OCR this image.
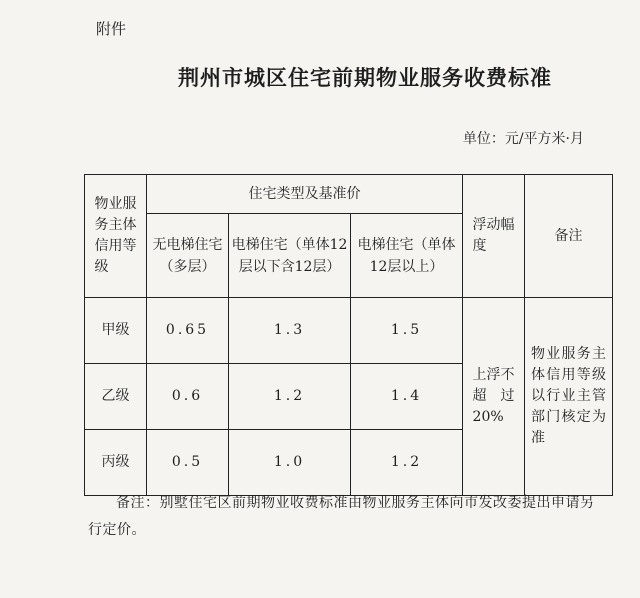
附件
荆州市城区住宅前期物业服务收费标准
单位：元/平方米·月
物业服务主体信用等级	住宅类型及基准价			浮动幅度	备注
	无电梯住宅（多层）	电梯住宅（单体12层以下含12层）	电梯住宅（单体12层以上）		
甲级	0.65	1.3	1.5	上浮不超过20%	物业服务主体信用等级以行业主管部门核定为准

乙级	0.6	1.2	1.4		
丙级	0.5	1.0	1.2		
备注：别墅住宅区前期物业收费标准由物业服务主体向市发改委提出申请另行定价。
